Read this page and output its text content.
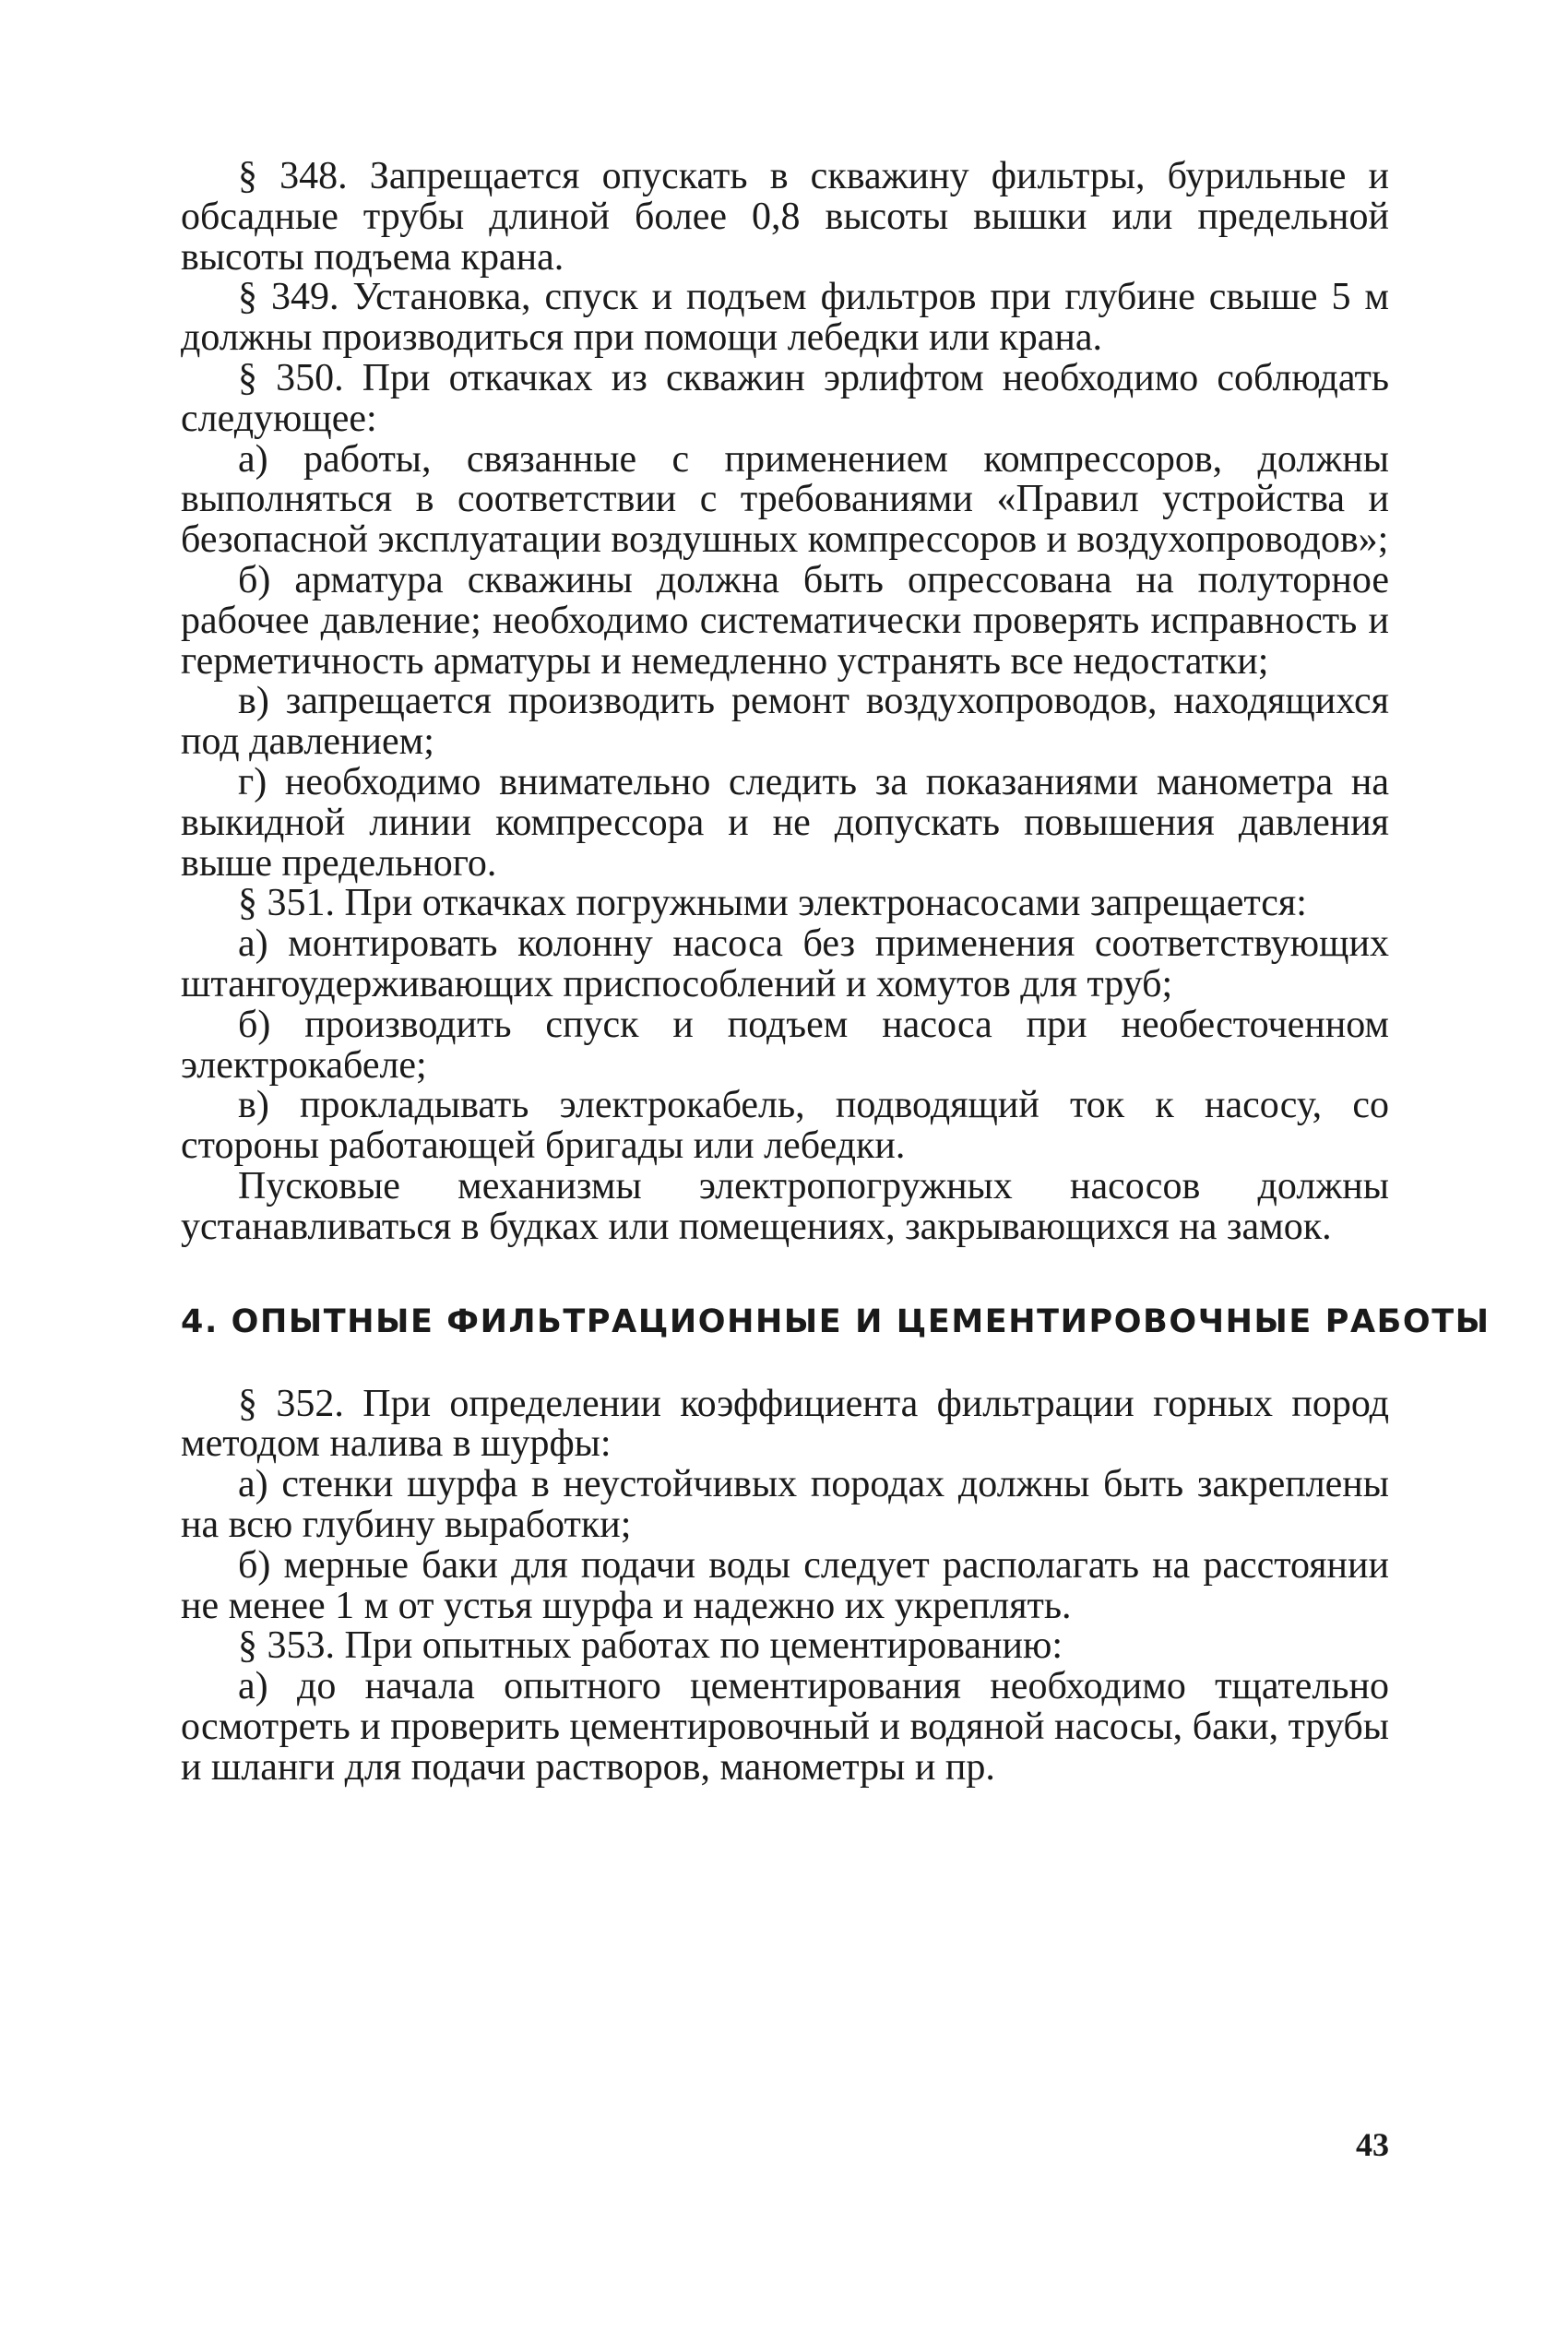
§ 348. Запрещается опускать в скважину фильтры, бурильные и обсадные трубы длиной более 0,8 высоты вышки или предельной высоты подъема крана.

§ 349. Установка, спуск и подъем фильтров при глубине свыше 5 м должны производиться при помощи лебедки или крана.

§ 350. При откачках из скважин эрлифтом необходимо соблюдать следующее:

а) работы, связанные с применением компрессоров, должны выполняться в соответствии с требованиями «Правил устройства и безопасной эксплуатации воздушных компрессоров и воздухопроводов»;

б) арматура скважины должна быть опрессована на полуторное рабочее давление; необходимо систематически проверять исправность и герметичность арматуры и немедленно устранять все недостатки;

в) запрещается производить ремонт воздухопроводов, находящихся под давлением;

г) необходимо внимательно следить за показаниями манометра на выкидной линии компрессора и не допускать повышения давления выше предельного.

§ 351. При откачках погружными электронасосами запрещается:

а) монтировать колонну насоса без применения соответствующих штангоудерживающих приспособлений и хомутов для труб;

б) производить спуск и подъем насоса при необесточенном электрокабеле;

в) прокладывать электрокабель, подводящий ток к насосу, со стороны работающей бригады или лебедки.

Пусковые механизмы электропогружных насосов должны устанавливаться в будках или помещениях, закрывающихся на замок.

4. ОПЫТНЫЕ ФИЛЬТРАЦИОННЫЕ И ЦЕМЕНТИРОВОЧНЫЕ РАБОТЫ

§ 352. При определении коэффициента фильтрации горных пород методом налива в шурфы:

а) стенки шурфа в неустойчивых породах должны быть закреплены на всю глубину выработки;

б) мерные баки для подачи воды следует располагать на расстоянии не менее 1 м от устья шурфа и надежно их укреплять.

§ 353. При опытных работах по цементированию:

а) до начала опытного цементирования необходимо тщательно осмотреть и проверить цементировочный и водяной насосы, баки, трубы и шланги для подачи растворов, манометры и пр.

43
